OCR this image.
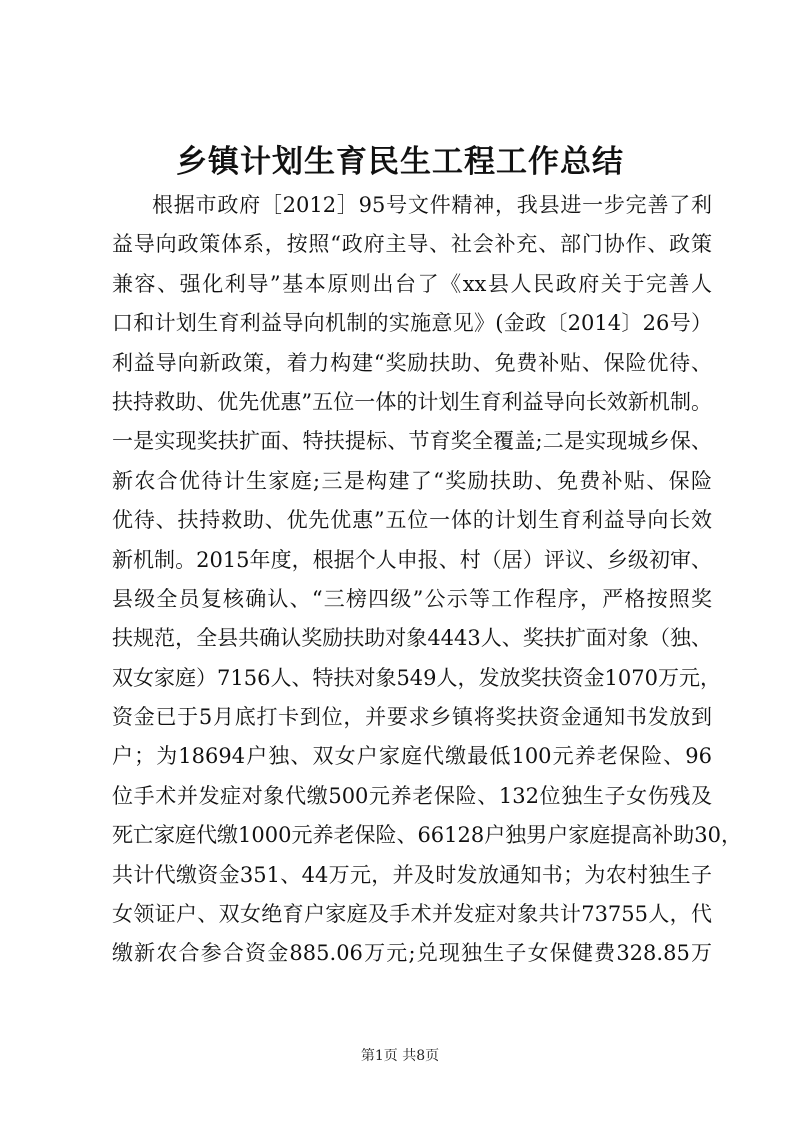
乡镇计划生育民生工程工作总结
根据市政府［2012］95号文件精神，我县进一步完善了利
益导向政策体系，按照“政府主导、社会补充、部门协作、政策
兼容、强化利导”基本原则出台了《xx县人民政府关于完善人
口和计划生育利益导向机制的实施意见》(金政〔2014〕26号）
利益导向新政策，着力构建“奖励扶助、免费补贴、保险优待、
扶持救助、优先优惠”五位一体的计划生育利益导向长效新机制。
一是实现奖扶扩面、特扶提标、节育奖全覆盖;二是实现城乡保、
新农合优待计生家庭;三是构建了“奖励扶助、免费补贴、保险
优待、扶持救助、优先优惠”五位一体的计划生育利益导向长效
新机制。2015年度，根据个人申报、村（居）评议、乡级初审、
县级全员复核确认、“三榜四级”公示等工作程序，严格按照奖
扶规范，全县共确认奖励扶助对象4443人、奖扶扩面对象（独、
双女家庭）7156人、特扶对象549人，发放奖扶资金1070万元，
资金已于5月底打卡到位，并要求乡镇将奖扶资金通知书发放到
户；为18694户独、双女户家庭代缴最低100元养老保险、96
位手术并发症对象代缴500元养老保险、132位独生子女伤残及
死亡家庭代缴1000元养老保险、66128户独男户家庭提高补助30，
共计代缴资金351、44万元，并及时发放通知书；为农村独生子
女领证户、双女绝育户家庭及手术并发症对象共计73755人，代
缴新农合参合资金885.06万元;兑现独生子女保健费328.85万
第1页 共8页
